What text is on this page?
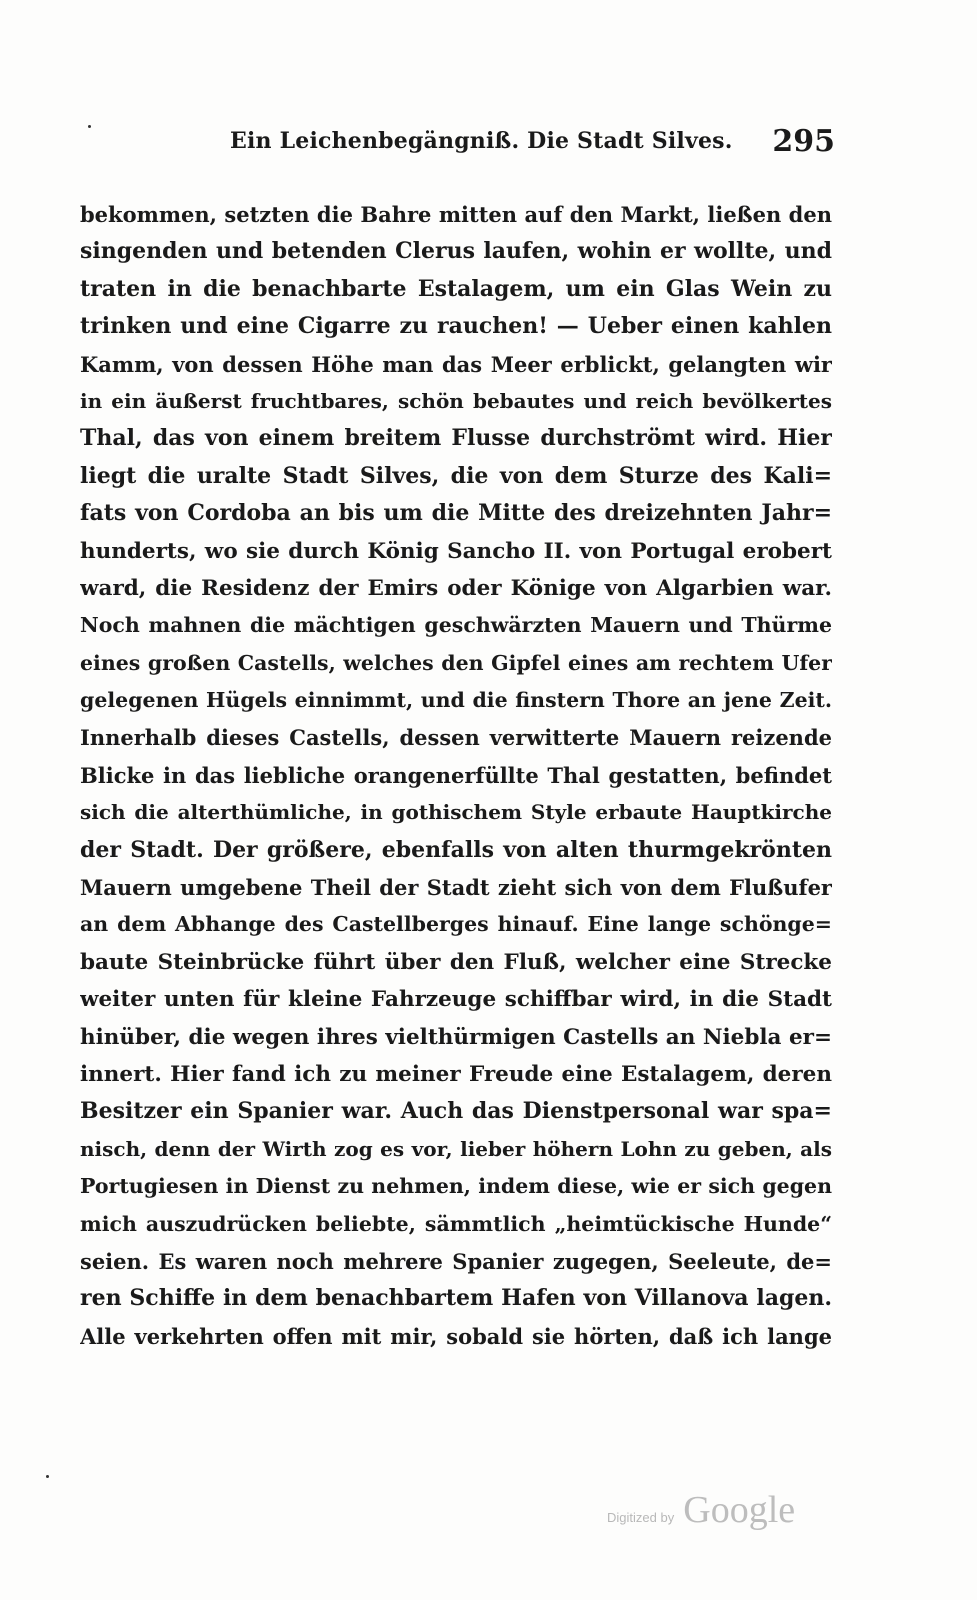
Ein Leichenbegängniß. Die Stadt Silves. 295
bekommen, setzten die Bahre mitten auf den Markt, ließen den
singenden und betenden Clerus laufen, wohin er wollte, und
traten in die benachbarte Estalagem, um ein Glas Wein zu
trinken und eine Cigarre zu rauchen! — Ueber einen kahlen
Kamm, von dessen Höhe man das Meer erblickt, gelangten wir
in ein äußerst fruchtbares, schön bebautes und reich bevölkertes
Thal, das von einem breitem Flusse durchströmt wird. Hier
liegt die uralte Stadt Silves, die von dem Sturze des Kali=
fats von Cordoba an bis um die Mitte des dreizehnten Jahr=
hunderts, wo sie durch König Sancho II. von Portugal erobert
ward, die Residenz der Emirs oder Könige von Algarbien war.
Noch mahnen die mächtigen geschwärzten Mauern und Thürme
eines großen Castells, welches den Gipfel eines am rechtem Ufer
gelegenen Hügels einnimmt, und die finstern Thore an jene Zeit.
Innerhalb dieses Castells, dessen verwitterte Mauern reizende
Blicke in das liebliche orangenerfüllte Thal gestatten, befindet
sich die alterthümliche, in gothischem Style erbaute Hauptkirche
der Stadt. Der größere, ebenfalls von alten thurmgekrönten
Mauern umgebene Theil der Stadt zieht sich von dem Flußufer
an dem Abhange des Castellberges hinauf. Eine lange schönge=
baute Steinbrücke führt über den Fluß, welcher eine Strecke
weiter unten für kleine Fahrzeuge schiffbar wird, in die Stadt
hinüber, die wegen ihres vielthürmigen Castells an Niebla er=
innert. Hier fand ich zu meiner Freude eine Estalagem, deren
Besitzer ein Spanier war. Auch das Dienstpersonal war spa=
nisch, denn der Wirth zog es vor, lieber höhern Lohn zu geben, als
Portugiesen in Dienst zu nehmen, indem diese, wie er sich gegen
mich auszudrücken beliebte, sämmtlich „heimtückische Hunde“
seien. Es waren noch mehrere Spanier zugegen, Seeleute, de=
ren Schiffe in dem benachbartem Hafen von Villanova lagen.
Alle verkehrten offen mit mir, sobald sie hörten, daß ich lange
Digitized by Google
